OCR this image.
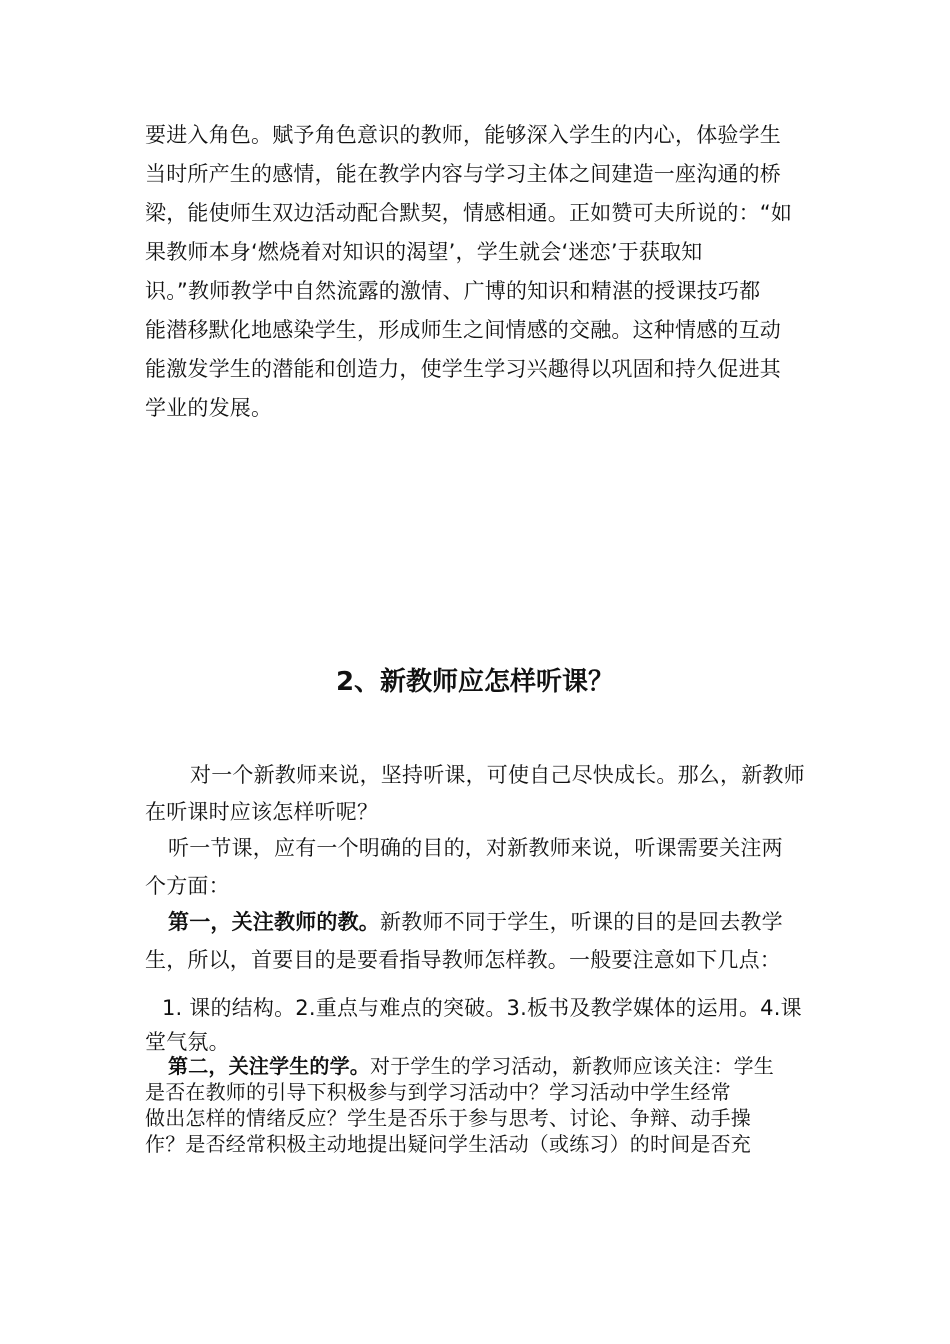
要进入角色。赋予角色意识的教师，能够深入学生的内心，体验学生
当时所产生的感情，能在教学内容与学习主体之间建造一座沟通的桥
梁，能使师生双边活动配合默契，情感相通。正如赞可夫所说的：“如
果教师本身‘燃烧着对知识的渴望’，学生就会‘迷恋’于获取知
识。”教师教学中自然流露的激情、广博的知识和精湛的授课技巧都
能潜移默化地感染学生，形成师生之间情感的交融。这种情感的互动
能激发学生的潜能和创造力，使学生学习兴趣得以巩固和持久促进其
学业的发展。
2、新教师应怎样听课？
对一个新教师来说，坚持听课，可使自己尽快成长。那么，新教师
在听课时应该怎样听呢？
听一节课，应有一个明确的目的，对新教师来说，听课需要关注两
个方面：
第一，关注教师的教。新教师不同于学生，听课的目的是回去教学
生，所以，首要目的是要看指导教师怎样教。一般要注意如下几点：
1. 课的结构。2.重点与难点的突破。3.板书及教学媒体的运用。4.课
堂气氛。
第二，关注学生的学。对于学生的学习活动，新教师应该关注：学生
是否在教师的引导下积极参与到学习活动中？学习活动中学生经常
做出怎样的情绪反应？学生是否乐于参与思考、讨论、争辩、动手操
作？是否经常积极主动地提出疑问学生活动（或练习）的时间是否充
